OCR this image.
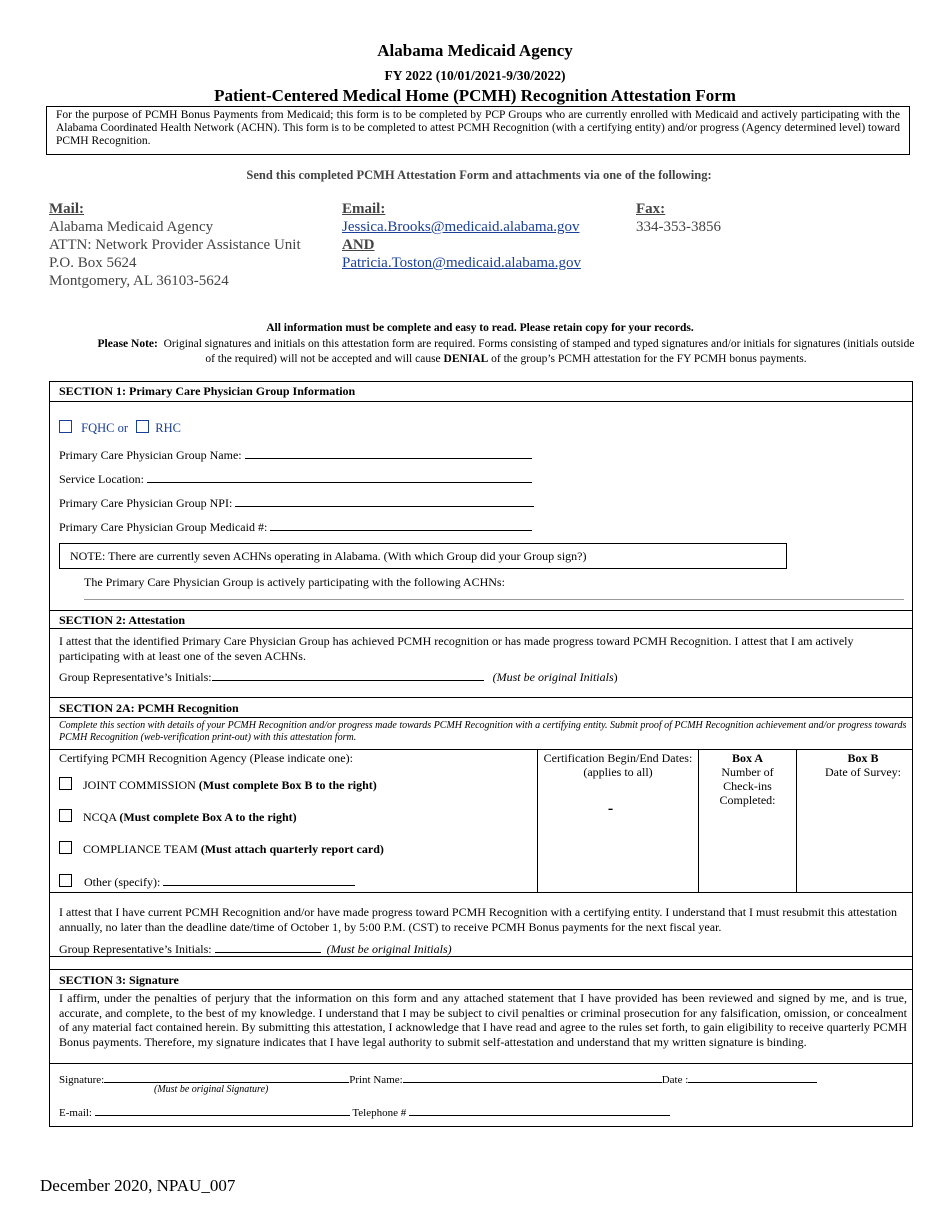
Alabama Medicaid Agency
FY 2022 (10/01/2021-9/30/2022)
Patient-Centered Medical Home (PCMH) Recognition Attestation Form
For the purpose of PCMH Bonus Payments from Medicaid; this form is to be completed by PCP Groups who are currently enrolled with Medicaid and actively participating with the Alabama Coordinated Health Network (ACHN). This form is to be completed to attest PCMH Recognition (with a certifying entity) and/or progress (Agency determined level) toward PCMH Recognition.
Send this completed PCMH Attestation Form and attachments via one of the following:
Mail:
Alabama Medicaid Agency
ATTN: Network Provider Assistance Unit
P.O. Box 5624
Montgomery, AL 36103-5624
Email:
Jessica.Brooks@medicaid.alabama.gov
AND
Patricia.Toston@medicaid.alabama.gov
Fax:
334-353-3856
All information must be complete and easy to read. Please retain copy for your records.
Please Note: Original signatures and initials on this attestation form are required. Forms consisting of stamped and typed signatures and/or initials for signatures (initials outside of the required) will not be accepted and will cause DENIAL of the group’s PCMH attestation for the FY PCMH bonus payments.
SECTION 1: Primary Care Physician Group Information
FQHC or RHC
Primary Care Physician Group Name:
Service Location:
Primary Care Physician Group NPI:
Primary Care Physician Group Medicaid #:
NOTE: There are currently seven ACHNs operating in Alabama. (With which Group did your Group sign?)
The Primary Care Physician Group is actively participating with the following ACHNs:
SECTION 2: Attestation
I attest that the identified Primary Care Physician Group has achieved PCMH recognition or has made progress toward PCMH Recognition. I attest that I am actively participating with at least one of the seven ACHNs.
Group Representative’s Initials:	(Must be original Initials)
SECTION 2A: PCMH Recognition
Complete this section with details of your PCMH Recognition and/or progress made towards PCMH Recognition with a certifying entity. Submit proof of PCMH Recognition achievement and/or progress towards PCMH Recognition (web-verification print-out) with this attestation form.
Certifying PCMH Recognition Agency (Please indicate one):	Certification Begin/End Dates:
(applies to all)
-
Box A
Number of Check-ins Completed:
Box B
Date of Survey:
JOINT COMMISSION (Must complete Box B to the right)
NCQA (Must complete Box A to the right)
COMPLIANCE TEAM (Must attach quarterly report card)
Other (specify):
I attest that I have current PCMH Recognition and/or have made progress toward PCMH Recognition with a certifying entity. I understand that I must resubmit this attestation annually, no later than the deadline date/time of October 1, by 5:00 P.M. (CST) to receive PCMH Bonus payments for the next fiscal year.
Group Representative’s Initials:	(Must be original Initials)
SECTION 3: Signature
I affirm, under the penalties of perjury that the information on this form and any attached statement that I have provided has been reviewed and signed by me, and is true, accurate, and complete, to the best of my knowledge. I understand that I may be subject to civil penalties or criminal prosecution for any falsification, omission, or concealment of any material fact contained herein. By submitting this attestation, I acknowledge that I have read and agree to the rules set forth, to gain eligibility to receive quarterly PCMH Bonus payments. Therefore, my signature indicates that I have legal authority to submit self-attestation and understand that my written signature is binding.
Signature:	Print Name:	Date :
(Must be original Signature)
E-mail:	Telephone #
December 2020, NPAU_007
